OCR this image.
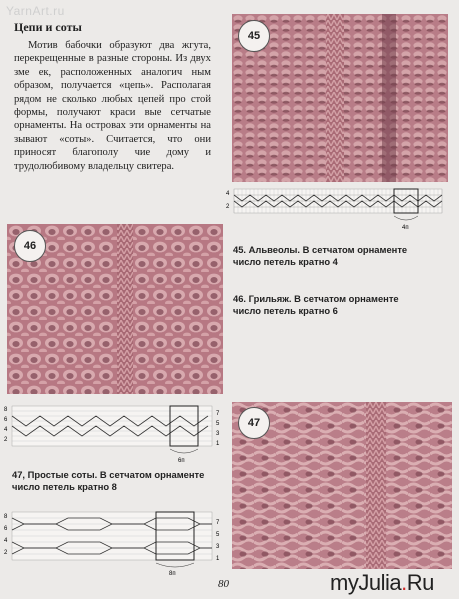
YarnArt.ru
Цепи и соты
Мотив бабочки образуют два жгута, перекрещенные в разные стороны. Из двух зме ек, расположенных аналогич ным образом, получается «цепь». Располагая рядом не сколько любых цепей про стой формы, получают краси вые сетчатые орнаменты. На островах эти орнаменты на зывают «соты». Считается, что они приносят благополу чие дому и трудолюбивому владельцу свитера.
45
4
2
4п
46	45. Альвеолы. В сетчатом орнаменте
число петель кратно 4
46. Грильяж. В сетчатом орнаменте
число петель кратно 6
8
6
4
2
7
5
3
1
6п
47, Простые соты. В сетчатом орнаменте
число петель кратно 8
47
8
6
4
2
7
5
3
1
8п
80	myJulia.Ru
